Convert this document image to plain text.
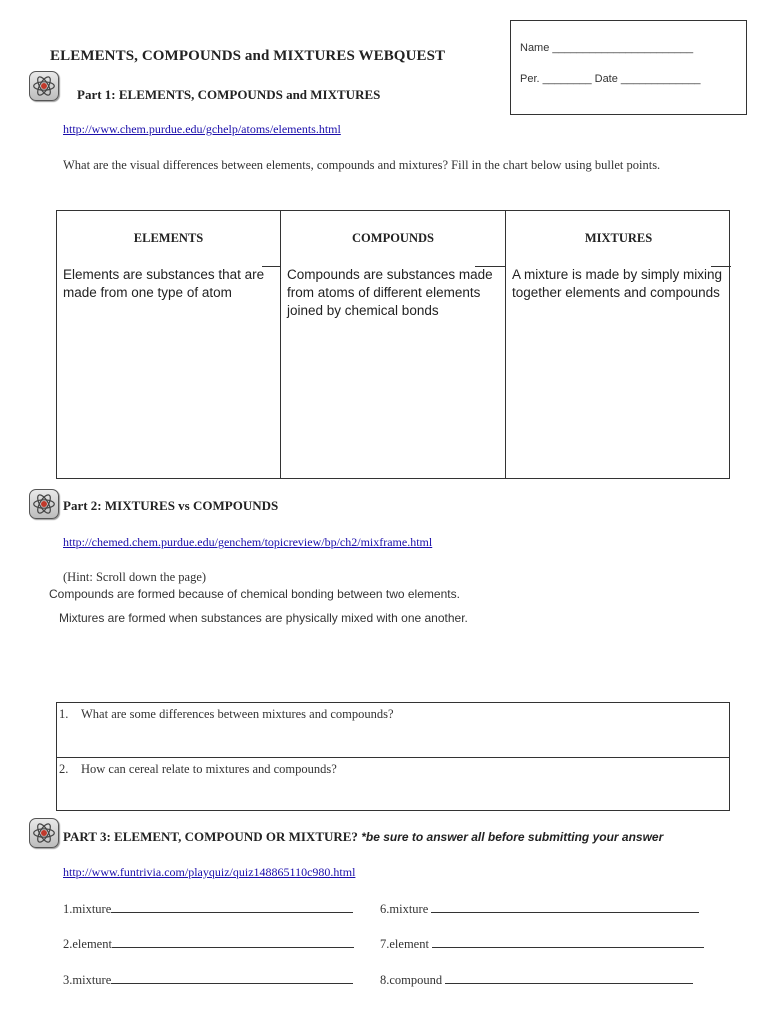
ELEMENTS, COMPOUNDS and MIXTURES WEBQUEST	Name _______________________
Per. ________ Date _____________
Part 1: ELEMENTS, COMPOUNDS and MIXTURES
http://www.chem.purdue.edu/gchelp/atoms/elements.html
What are the visual differences between elements, compounds and mixtures? Fill in the chart below using bullet points.
ELEMENTS
Elements are substances that are made from one type of atom
COMPOUNDS
Compounds are substances made from atoms of different elements joined by chemical bonds
MIXTURES
A mixture is made by simply mixing together elements and compounds
Part 2: MIXTURES vs COMPOUNDS
http://chemed.chem.purdue.edu/genchem/topicreview/bp/ch2/mixframe.html
(Hint: Scroll down the page)
Compounds are formed because of chemical bonding between two elements.
Mixtures are formed when substances are physically mixed with one another.
1. What are some differences between mixtures and compounds?
2. How can cereal relate to mixtures and compounds?
PART 3: ELEMENT, COMPOUND OR MIXTURE? *be sure to answer all before submitting your answer
http://www.funtrivia.com/playquiz/quiz148865110c980.html
1.mixture
2.element
3.mixture
6.mixture
7.element
8.compound
